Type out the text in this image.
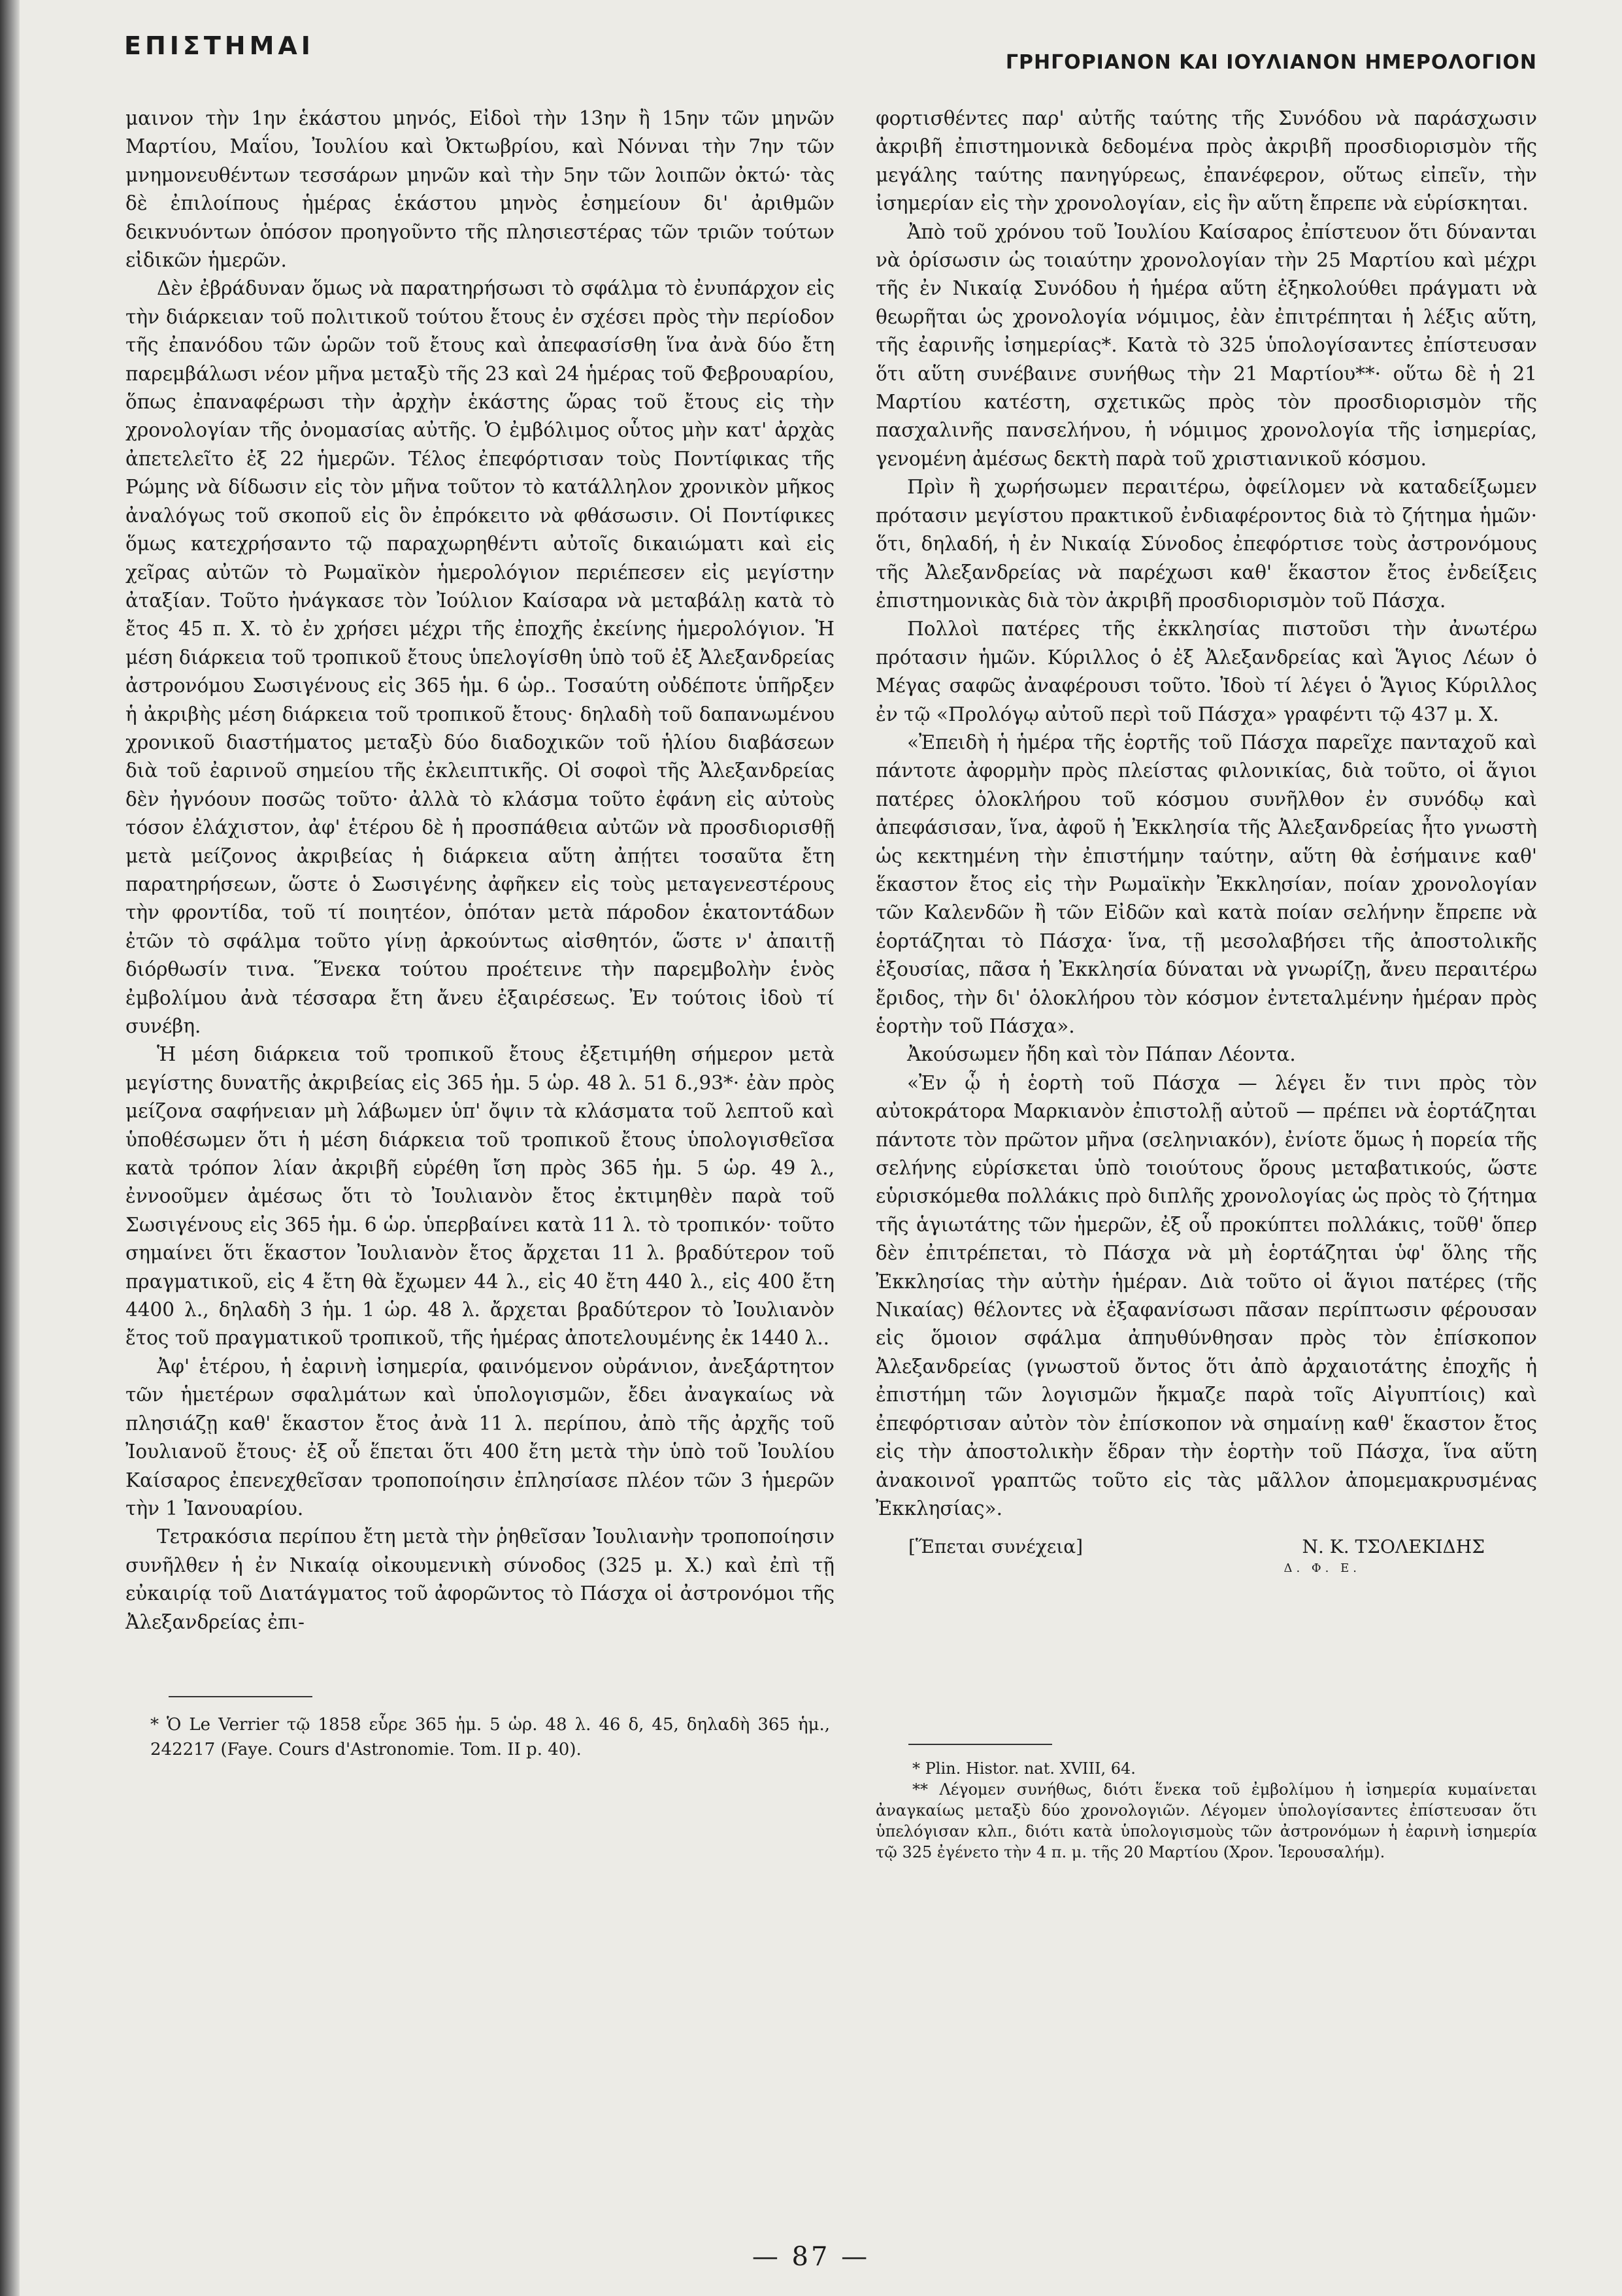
ΕΠΙΣΤΗΜΑΙ
ΓΡΗΓΟΡΙΑΝΟΝ ΚΑΙ ΙΟΥΛΙΑΝΟΝ ΗΜΕΡΟΛΟΓΙΟΝ

μαινον τὴν 1ην ἑκάστου μηνός, Εἰδοὶ τὴν 13ην ἢ 15ην τῶν μηνῶν Μαρτίου, Μαΐου, Ἰουλίου καὶ Ὀκτωβρίου, καὶ Νόνναι τὴν 7ην τῶν μνημονευθέντων τεσσάρων μηνῶν καὶ τὴν 5ην τῶν λοιπῶν ὀκτώ· τὰς δὲ ἐπιλοίπους ἡμέρας ἑκάστου μηνὸς ἐσημείουν δι' ἀριθμῶν δεικνυόντων ὁπόσον προηγοῦντο τῆς πλησιεστέρας τῶν τριῶν τούτων εἰδικῶν ἡμερῶν.

Δὲν ἐβράδυναν ὅμως νὰ παρατηρήσωσι τὸ σφάλμα τὸ ἐνυπάρχον εἰς τὴν διάρκειαν τοῦ πολιτικοῦ τούτου ἔτους ἐν σχέσει πρὸς τὴν περίοδον τῆς ἐπανόδου τῶν ὡρῶν τοῦ ἔτους καὶ ἀπεφασίσθη ἵνα ἀνὰ δύο ἔτη παρεμβάλωσι νέον μῆνα μεταξὺ τῆς 23 καὶ 24 ἡμέρας τοῦ Φεβρουαρίου, ὅπως ἐπαναφέρωσι τὴν ἀρχὴν ἑκάστης ὥρας τοῦ ἔτους εἰς τὴν χρονολογίαν τῆς ὀνομασίας αὐτῆς. Ὁ ἐμβόλιμος οὗτος μὴν κατ' ἀρχὰς ἀπετελεῖτο ἐξ 22 ἡμερῶν. Τέλος ἐπεφόρτισαν τοὺς Ποντίφικας τῆς Ρώμης νὰ δίδωσιν εἰς τὸν μῆνα τοῦτον τὸ κατάλληλον χρονικὸν μῆκος ἀναλόγως τοῦ σκοποῦ εἰς ὃν ἐπρόκειτο νὰ φθάσωσιν. Οἱ Ποντίφικες ὅμως κατεχρήσαντο τῷ παραχωρηθέντι αὐτοῖς δικαιώματι καὶ εἰς χεῖρας αὐτῶν τὸ Ρωμαϊκὸν ἡμερολόγιον περιέπεσεν εἰς μεγίστην ἀταξίαν. Τοῦτο ἠνάγκασε τὸν Ἰούλιον Καίσαρα νὰ μεταβάλῃ κατὰ τὸ ἔτος 45 π. Χ. τὸ ἐν χρήσει μέχρι τῆς ἐποχῆς ἐκείνης ἡμερολόγιον. Ἡ μέση διάρκεια τοῦ τροπικοῦ ἔτους ὑπελογίσθη ὑπὸ τοῦ ἐξ Ἀλεξανδρείας ἀστρονόμου Σωσιγένους εἰς 365 ἡμ. 6 ὡρ.. Τοσαύτη οὐδέποτε ὑπῆρξεν ἡ ἀκριβὴς μέση διάρκεια τοῦ τροπικοῦ ἔτους· δηλαδὴ τοῦ δαπανωμένου χρονικοῦ διαστήματος μεταξὺ δύο διαδοχικῶν τοῦ ἡλίου διαβάσεων διὰ τοῦ ἐαρινοῦ σημείου τῆς ἐκλειπτικῆς. Οἱ σοφοὶ τῆς Ἀλεξανδρείας δὲν ἠγνόουν ποσῶς τοῦτο· ἀλλὰ τὸ κλάσμα τοῦτο ἐφάνη εἰς αὐτοὺς τόσον ἐλάχιστον, ἀφ' ἑτέρου δὲ ἡ προσπάθεια αὐτῶν νὰ προσδιορισθῇ μετὰ μείζονος ἀκριβείας ἡ διάρκεια αὕτη ἀπῄτει τοσαῦτα ἔτη παρατηρήσεων, ὥστε ὁ Σωσιγένης ἀφῆκεν εἰς τοὺς μεταγενεστέρους τὴν φροντίδα, τοῦ τί ποιητέον, ὁπόταν μετὰ πάροδον ἑκατοντάδων ἐτῶν τὸ σφάλμα τοῦτο γίνῃ ἀρκούντως αἰσθητόν, ὥστε ν' ἀπαιτῇ διόρθωσίν τινα. Ἕνεκα τούτου προέτεινε τὴν παρεμβολὴν ἑνὸς ἐμβολίμου ἀνὰ τέσσαρα ἔτη ἄνευ ἐξαιρέσεως. Ἐν τούτοις ἰδοὺ τί συνέβη.

Ἡ μέση διάρκεια τοῦ τροπικοῦ ἔτους ἐξετιμήθη σήμερον μετὰ μεγίστης δυνατῆς ἀκριβείας εἰς 365 ἡμ. 5 ὡρ. 48 λ. 51 δ.,93*· ἐὰν πρὸς μείζονα σαφήνειαν μὴ λάβωμεν ὑπ' ὄψιν τὰ κλάσματα τοῦ λεπτοῦ καὶ ὑποθέσωμεν ὅτι ἡ μέση διάρκεια τοῦ τροπικοῦ ἔτους ὑπολογισθεῖσα κατὰ τρόπον λίαν ἀκριβῆ εὑρέθη ἴση πρὸς 365 ἡμ. 5 ὡρ. 49 λ., ἐννοοῦμεν ἀμέσως ὅτι τὸ Ἰουλιανὸν ἔτος ἐκτιμηθὲν παρὰ τοῦ Σωσιγένους εἰς 365 ἡμ. 6 ὡρ. ὑπερβαίνει κατὰ 11 λ. τὸ τροπικόν· τοῦτο σημαίνει ὅτι ἕκαστον Ἰουλιανὸν ἔτος ἄρχεται 11 λ. βραδύτερον τοῦ πραγματικοῦ, εἰς 4 ἔτη θὰ ἔχωμεν 44 λ., εἰς 40 ἔτη 440 λ., εἰς 400 ἔτη 4400 λ., δηλαδὴ 3 ἡμ. 1 ὡρ. 48 λ. ἄρχεται βραδύτερον τὸ Ἰουλιανὸν ἔτος τοῦ πραγματικοῦ τροπικοῦ, τῆς ἡμέρας ἀποτελουμένης ἐκ 1440 λ..

Ἀφ' ἑτέρου, ἡ ἐαρινὴ ἰσημερία, φαινόμενον οὐράνιον, ἀνεξάρτητον τῶν ἡμετέρων σφαλμάτων καὶ ὑπολογισμῶν, ἔδει ἀναγκαίως νὰ πλησιάζῃ καθ' ἕκαστον ἔτος ἀνὰ 11 λ. περίπου, ἀπὸ τῆς ἀρχῆς τοῦ Ἰουλιανοῦ ἔτους· ἐξ οὗ ἕπεται ὅτι 400 ἔτη μετὰ τὴν ὑπὸ τοῦ Ἰουλίου Καίσαρος ἐπενεχθεῖσαν τροποποίησιν ἐπλησίασε πλέον τῶν 3 ἡμερῶν τὴν 1 Ἰανουαρίου.

Τετρακόσια περίπου ἔτη μετὰ τὴν ῥηθεῖσαν Ἰουλιανὴν τροποποίησιν συνῆλθεν ἡ ἐν Νικαίᾳ οἰκουμενικὴ σύνοδος (325 μ. Χ.) καὶ ἐπὶ τῇ εὐκαιρίᾳ τοῦ Διατάγματος τοῦ ἀφορῶντος τὸ Πάσχα οἱ ἀστρονόμοι τῆς Ἀλεξανδρείας ἐπι-

φορτισθέντες παρ' αὐτῆς ταύτης τῆς Συνόδου νὰ παράσχωσιν ἀκριβῆ ἐπιστημονικὰ δεδομένα πρὸς ἀκριβῆ προσδιορισμὸν τῆς μεγάλης ταύτης πανηγύρεως, ἐπανέφερον, οὕτως εἰπεῖν, τὴν ἰσημερίαν εἰς τὴν χρονολογίαν, εἰς ἣν αὕτη ἔπρεπε νὰ εὑρίσκηται.

Ἀπὸ τοῦ χρόνου τοῦ Ἰουλίου Καίσαρος ἐπίστευον ὅτι δύνανται νὰ ὁρίσωσιν ὡς τοιαύτην χρονολογίαν τὴν 25 Μαρτίου καὶ μέχρι τῆς ἐν Νικαίᾳ Συνόδου ἡ ἡμέρα αὕτη ἐξηκολούθει πράγματι νὰ θεωρῆται ὡς χρονολογία νόμιμος, ἐὰν ἐπιτρέπηται ἡ λέξις αὕτη, τῆς ἐαρινῆς ἰσημερίας*. Κατὰ τὸ 325 ὑπολογίσαντες ἐπίστευσαν ὅτι αὕτη συνέβαινε συνήθως τὴν 21 Μαρτίου**· οὕτω δὲ ἡ 21 Μαρτίου κατέστη, σχετικῶς πρὸς τὸν προσδιορισμὸν τῆς πασχαλινῆς πανσελήνου, ἡ νόμιμος χρονολογία τῆς ἰσημερίας, γενομένη ἀμέσως δεκτὴ παρὰ τοῦ χριστιανικοῦ κόσμου.

Πρὶν ἢ χωρήσωμεν περαιτέρω, ὀφείλομεν νὰ καταδείξωμεν πρότασιν μεγίστου πρακτικοῦ ἐνδιαφέροντος διὰ τὸ ζήτημα ἡμῶν· ὅτι, δηλαδή, ἡ ἐν Νικαίᾳ Σύνοδος ἐπεφόρτισε τοὺς ἀστρονόμους τῆς Ἀλεξανδρείας νὰ παρέχωσι καθ' ἕκαστον ἔτος ἐνδείξεις ἐπιστημονικὰς διὰ τὸν ἀκριβῆ προσδιορισμὸν τοῦ Πάσχα.

Πολλοὶ πατέρες τῆς ἐκκλησίας πιστοῦσι τὴν ἀνωτέρω πρότασιν ἡμῶν. Κύριλλος ὁ ἐξ Ἀλεξανδρείας καὶ Ἅγιος Λέων ὁ Μέγας σαφῶς ἀναφέρουσι τοῦτο. Ἰδοὺ τί λέγει ὁ Ἅγιος Κύριλλος ἐν τῷ «Προλόγῳ αὐτοῦ περὶ τοῦ Πάσχα» γραφέντι τῷ 437 μ. Χ.

«Ἐπειδὴ ἡ ἡμέρα τῆς ἑορτῆς τοῦ Πάσχα παρεῖχε πανταχοῦ καὶ πάντοτε ἀφορμὴν πρὸς πλείστας φιλονικίας, διὰ τοῦτο, οἱ ἅγιοι πατέρες ὁλοκλήρου τοῦ κόσμου συνῆλθον ἐν συνόδῳ καὶ ἀπεφάσισαν, ἵνα, ἀφοῦ ἡ Ἐκκλησία τῆς Ἀλεξανδρείας ἦτο γνωστὴ ὡς κεκτημένη τὴν ἐπιστήμην ταύτην, αὕτη θὰ ἐσήμαινε καθ' ἕκαστον ἔτος εἰς τὴν Ρωμαϊκὴν Ἐκκλησίαν, ποίαν χρονολογίαν τῶν Καλενδῶν ἢ τῶν Εἰδῶν καὶ κατὰ ποίαν σελήνην ἔπρεπε νὰ ἑορτάζηται τὸ Πάσχα· ἵνα, τῇ μεσολαβήσει τῆς ἀποστολικῆς ἐξουσίας, πᾶσα ἡ Ἐκκλησία δύναται νὰ γνωρίζῃ, ἄνευ περαιτέρω ἔριδος, τὴν δι' ὁλοκλήρου τὸν κόσμον ἐντεταλμένην ἡμέραν πρὸς ἑορτὴν τοῦ Πάσχα».

Ἀκούσωμεν ἤδη καὶ τὸν Πάπαν Λέοντα.

«Ἐν ᾧ ἡ ἑορτὴ τοῦ Πάσχα — λέγει ἔν τινι πρὸς τὸν αὐτοκράτορα Μαρκιανὸν ἐπιστολῇ αὐτοῦ — πρέπει νὰ ἑορτάζηται πάντοτε τὸν πρῶτον μῆνα (σεληνιακόν), ἐνίοτε ὅμως ἡ πορεία τῆς σελήνης εὑρίσκεται ὑπὸ τοιούτους ὅρους μεταβατικούς, ὥστε εὑρισκόμεθα πολλάκις πρὸ διπλῆς χρονολογίας ὡς πρὸς τὸ ζήτημα τῆς ἁγιωτάτης τῶν ἡμερῶν, ἐξ οὗ προκύπτει πολλάκις, τοῦθ' ὅπερ δὲν ἐπιτρέπεται, τὸ Πάσχα νὰ μὴ ἑορτάζηται ὑφ' ὅλης τῆς Ἐκκλησίας τὴν αὐτὴν ἡμέραν. Διὰ τοῦτο οἱ ἅγιοι πατέρες (τῆς Νικαίας) θέλοντες νὰ ἐξαφανίσωσι πᾶσαν περίπτωσιν φέρουσαν εἰς ὅμοιον σφάλμα ἀπηυθύνθησαν πρὸς τὸν ἐπίσκοπον Ἀλεξανδρείας (γνωστοῦ ὄντος ὅτι ἀπὸ ἀρχαιοτάτης ἐποχῆς ἡ ἐπιστήμη τῶν λογισμῶν ἤκμαζε παρὰ τοῖς Αἰγυπτίοις) καὶ ἐπεφόρτισαν αὐτὸν τὸν ἐπίσκοπον νὰ σημαίνῃ καθ' ἕκαστον ἔτος εἰς τὴν ἀποστολικὴν ἕδραν τὴν ἑορτὴν τοῦ Πάσχα, ἵνα αὕτη ἀνακοινοῖ γραπτῶς τοῦτο εἰς τὰς μᾶλλον ἀπομεμακρυσμένας Ἐκκλησίας».

[Ἕπεται συνέχεια]	Ν. Κ. ΤΣΟΛΕΚΙΔΗΣ
Δ. Φ. Ε.
* Ὁ Le Verrier τῷ 1858 εὗρε 365 ἡμ. 5 ὡρ. 48 λ. 46 δ, 45, δηλαδὴ 365 ἡμ., 242217 (Faye. Cours d'Astronomie. Tom. II p. 40).

* Plin. Histor. nat. XVIII, 64.

** Λέγομεν συνήθως, διότι ἕνεκα τοῦ ἐμβολίμου ἡ ἰσημερία κυμαίνεται ἀναγκαίως μεταξὺ δύο χρονολογιῶν. Λέγομεν ὑπολογίσαντες ἐπίστευσαν ὅτι ὑπελόγισαν κλπ., διότι κατὰ ὑπολογισμοὺς τῶν ἀστρονόμων ἡ ἐαρινὴ ἰσημερία τῷ 325 ἐγένετο τὴν 4 π. μ. τῆς 20 Μαρτίου (Χρον. Ἱερουσαλήμ).

— 87 —
